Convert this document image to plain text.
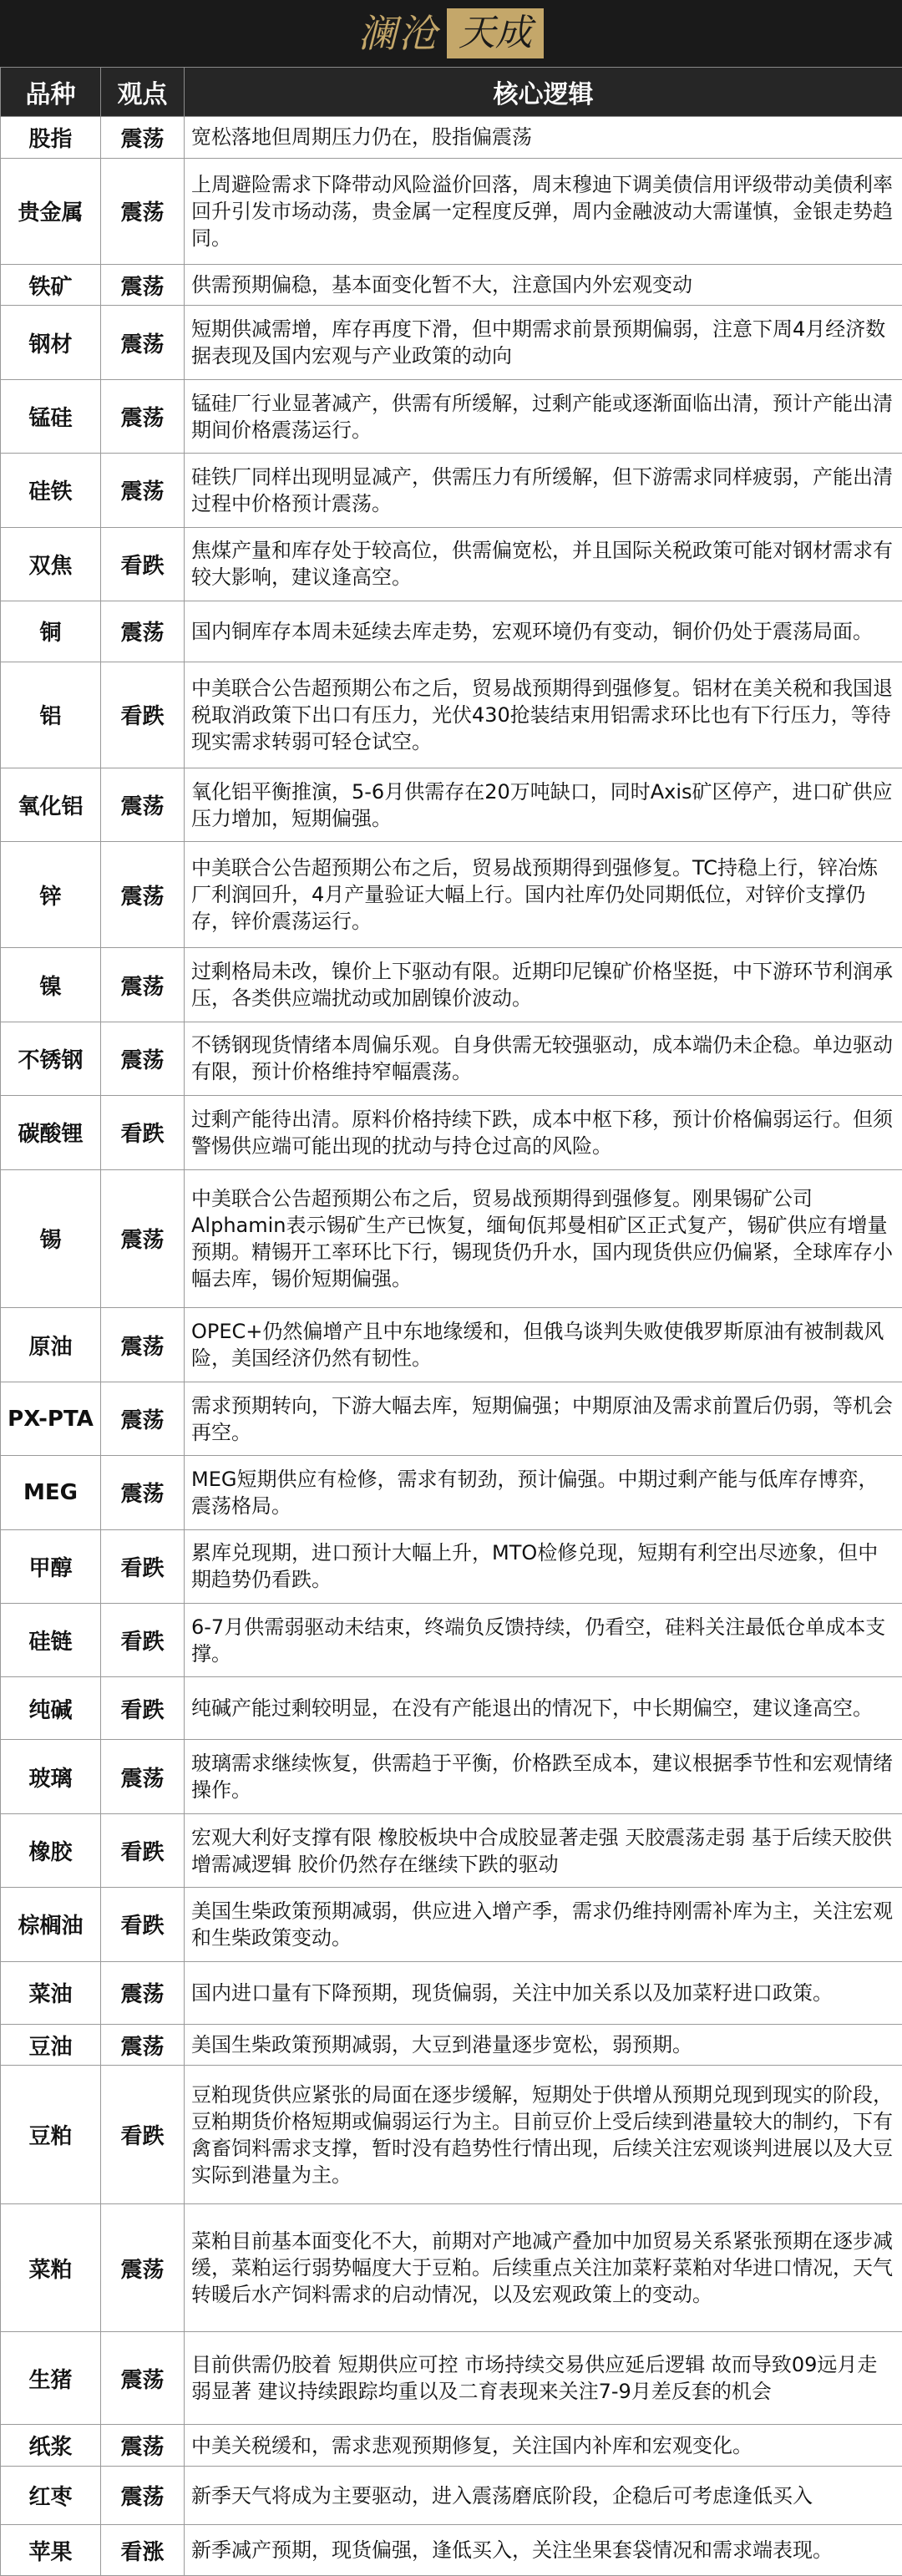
澜沧 天成
品种	观点	核心逻辑
股指	震荡	宽松落地但周期压力仍在，股指偏震荡
贵金属	震荡	上周避险需求下降带动风险溢价回落，周末穆迪下调美债信用评级带动美债利率回升引发市场动荡，贵金属一定程度反弹，周内金融波动大需谨慎，金银走势趋同。
铁矿	震荡	供需预期偏稳，基本面变化暂不大，注意国内外宏观变动
钢材	震荡	短期供减需增，库存再度下滑，但中期需求前景预期偏弱，注意下周4月经济数据表现及国内宏观与产业政策的动向
锰硅	震荡	锰硅厂行业显著减产，供需有所缓解，过剩产能或逐渐面临出清，预计产能出清期间价格震荡运行。
硅铁	震荡	硅铁厂同样出现明显减产，供需压力有所缓解，但下游需求同样疲弱，产能出清过程中价格预计震荡。
双焦	看跌	焦煤产量和库存处于较高位，供需偏宽松，并且国际关税政策可能对钢材需求有较大影响，建议逢高空。
铜	震荡	国内铜库存本周未延续去库走势，宏观环境仍有变动，铜价仍处于震荡局面。
铝	看跌	中美联合公告超预期公布之后，贸易战预期得到强修复。铝材在美关税和我国退税取消政策下出口有压力，光伏430抢装结束用铝需求环比也有下行压力，等待现实需求转弱可轻仓试空。
氧化铝	震荡	氧化铝平衡推演，5-6月供需存在20万吨缺口，同时Axis矿区停产，进口矿供应压力增加，短期偏强。
锌	震荡	中美联合公告超预期公布之后，贸易战预期得到强修复。TC持稳上行，锌冶炼厂利润回升，4月产量验证大幅上行。国内社库仍处同期低位，对锌价支撑仍存，锌价震荡运行。
镍	震荡	过剩格局未改，镍价上下驱动有限。近期印尼镍矿价格坚挺，中下游环节利润承压，各类供应端扰动或加剧镍价波动。
不锈钢	震荡	不锈钢现货情绪本周偏乐观。自身供需无较强驱动，成本端仍未企稳。单边驱动有限，预计价格维持窄幅震荡。
碳酸锂	看跌	过剩产能待出清。原料价格持续下跌，成本中枢下移，预计价格偏弱运行。但须警惕供应端可能出现的扰动与持仓过高的风险。
锡	震荡	中美联合公告超预期公布之后，贸易战预期得到强修复。刚果锡矿公司Alphamin表示锡矿生产已恢复，缅甸佤邦曼相矿区正式复产，锡矿供应有增量预期。精锡开工率环比下行，锡现货仍升水，国内现货供应仍偏紧，全球库存小幅去库，锡价短期偏强。
原油	震荡	OPEC+仍然偏增产且中东地缘缓和，但俄乌谈判失败使俄罗斯原油有被制裁风险，美国经济仍然有韧性。
PX-PTA	震荡	需求预期转向，下游大幅去库，短期偏强；中期原油及需求前置后仍弱，等机会再空。
MEG	震荡	MEG短期供应有检修，需求有韧劲，预计偏强。中期过剩产能与低库存博弈，震荡格局。
甲醇	看跌	累库兑现期，进口预计大幅上升，MTO检修兑现，短期有利空出尽迹象，但中期趋势仍看跌。
硅链	看跌	6-7月供需弱驱动未结束，终端负反馈持续，仍看空，硅料关注最低仓单成本支撑。
纯碱	看跌	纯碱产能过剩较明显，在没有产能退出的情况下，中长期偏空，建议逢高空。
玻璃	震荡	玻璃需求继续恢复，供需趋于平衡，价格跌至成本，建议根据季节性和宏观情绪操作。
橡胶	看跌	宏观大利好支撑有限 橡胶板块中合成胶显著走强 天胶震荡走弱 基于后续天胶供增需减逻辑 胶价仍然存在继续下跌的驱动
棕榈油	看跌	美国生柴政策预期减弱，供应进入增产季，需求仍维持刚需补库为主，关注宏观和生柴政策变动。
菜油	震荡	国内进口量有下降预期，现货偏弱，关注中加关系以及加菜籽进口政策。
豆油	震荡	美国生柴政策预期减弱，大豆到港量逐步宽松，弱预期。
豆粕	看跌	豆粕现货供应紧张的局面在逐步缓解，短期处于供增从预期兑现到现实的阶段，豆粕期货价格短期或偏弱运行为主。目前豆价上受后续到港量较大的制约，下有禽畜饲料需求支撑，暂时没有趋势性行情出现，后续关注宏观谈判进展以及大豆实际到港量为主。
菜粕	震荡	菜粕目前基本面变化不大，前期对产地减产叠加中加贸易关系紧张预期在逐步减缓，菜粕运行弱势幅度大于豆粕。后续重点关注加菜籽菜粕对华进口情况，天气转暖后水产饲料需求的启动情况，以及宏观政策上的变动。
生猪	震荡	目前供需仍胶着 短期供应可控 市场持续交易供应延后逻辑 故而导致09远月走弱显著 建议持续跟踪均重以及二育表现来关注7-9月差反套的机会
纸浆	震荡	中美关税缓和，需求悲观预期修复，关注国内补库和宏观变化。
红枣	震荡	新季天气将成为主要驱动，进入震荡磨底阶段，企稳后可考虑逢低买入
苹果	看涨	新季减产预期，现货偏强，逢低买入，关注坐果套袋情况和需求端表现。
